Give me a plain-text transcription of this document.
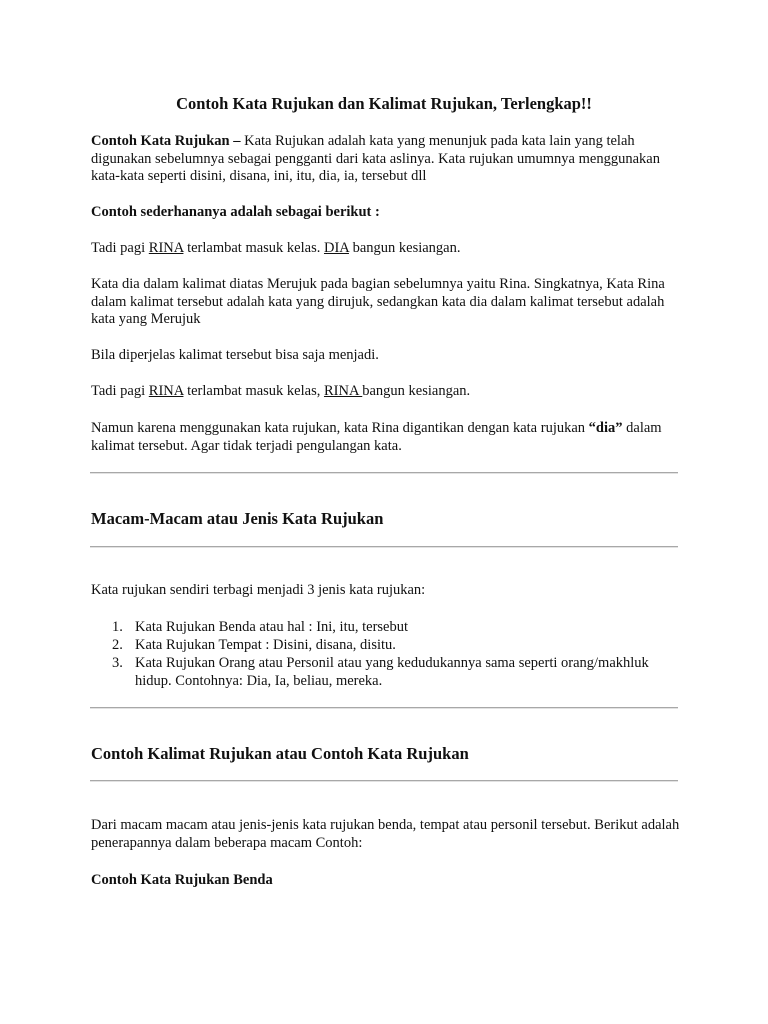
Contoh Kata Rujukan dan Kalimat Rujukan, Terlengkap!!

Contoh Kata Rujukan – Kata Rujukan adalah kata yang menunjuk pada kata lain yang telah digunakan sebelumnya sebagai pengganti dari kata aslinya. Kata rujukan umumnya menggunakan kata-kata seperti disini, disana, ini, itu, dia, ia, tersebut dll

Contoh sederhananya adalah sebagai berikut :

Tadi pagi RINA terlambat masuk kelas. DIA bangun kesiangan.

Kata dia dalam kalimat diatas Merujuk pada bagian sebelumnya yaitu Rina. Singkatnya, Kata Rina dalam kalimat tersebut adalah kata yang dirujuk, sedangkan kata dia dalam kalimat tersebut adalah kata yang Merujuk

Bila diperjelas kalimat tersebut bisa saja menjadi.

Tadi pagi RINA terlambat masuk kelas, RINA bangun kesiangan.

Namun karena menggunakan kata rujukan, kata Rina digantikan dengan kata rujukan “dia” dalam kalimat tersebut. Agar tidak terjadi pengulangan kata.

Macam-Macam atau Jenis Kata Rujukan

Kata rujukan sendiri terbagi menjadi 3 jenis kata rujukan:

1. Kata Rujukan Benda atau hal : Ini, itu, tersebut
2. Kata Rujukan Tempat : Disini, disana, disitu.
3. Kata Rujukan Orang atau Personil atau yang kedudukannya sama seperti orang/makhluk hidup. Contohnya: Dia, Ia, beliau, mereka.
Contoh Kalimat Rujukan atau Contoh Kata Rujukan

Dari macam macam atau jenis-jenis kata rujukan benda, tempat atau personil tersebut. Berikut adalah penerapannya dalam beberapa macam Contoh:

Contoh Kata Rujukan Benda
